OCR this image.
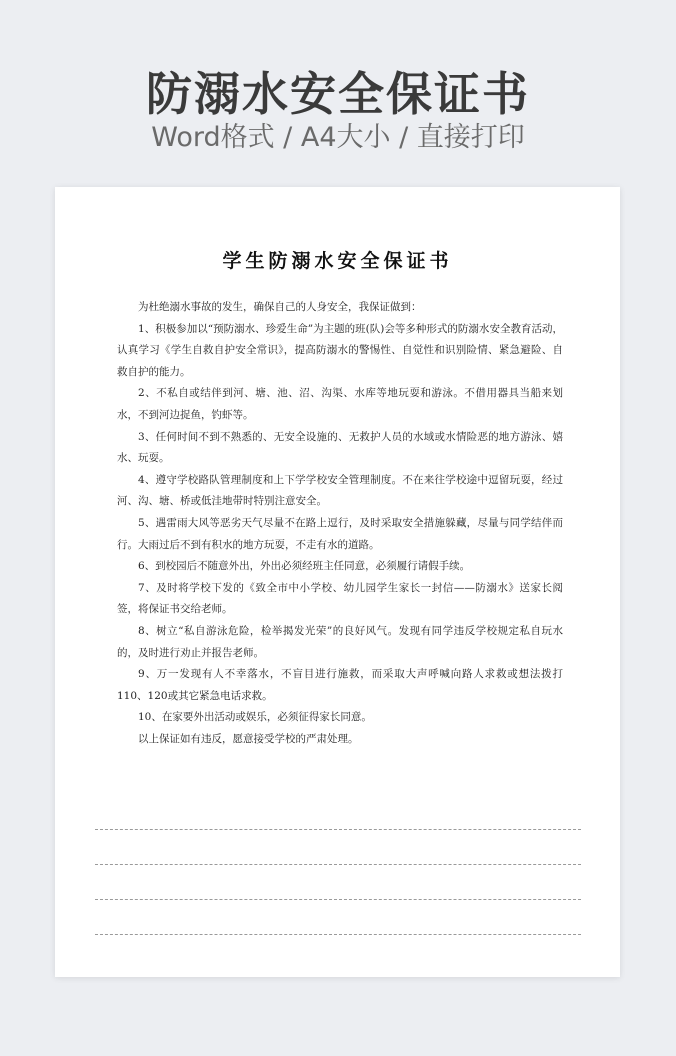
防溺水安全保证书
Word格式 / A4大小 / 直接打印
学生防溺水安全保证书

为杜绝溺水事故的发生，确保自己的人身安全，我保证做到：

1、积极参加以“预防溺水、珍爱生命”为主题的班(队)会等多种形式的防溺水安全教育活动，认真学习《学生自救自护安全常识》，提高防溺水的警惕性、自觉性和识别险情、紧急避险、自救自护的能力。

2、不私自或结伴到河、塘、池、沼、沟渠、水库等地玩耍和游泳。不借用器具当船来划水，不到河边捉鱼，钓虾等。

3、任何时间不到不熟悉的、无安全设施的、无救护人员的水域或水情险恶的地方游泳、嬉水、玩耍。

4、遵守学校路队管理制度和上下学学校安全管理制度。不在来往学校途中逗留玩耍，经过河、沟、塘、桥或低洼地带时特别注意安全。

5、遇雷雨大风等恶劣天气尽量不在路上逗行，及时采取安全措施躲藏，尽量与同学结伴而行。大雨过后不到有积水的地方玩耍，不走有水的道路。

6、到校园后不随意外出，外出必须经班主任同意，必须履行请假手续。

7、及时将学校下发的《致全市中小学校、幼儿园学生家长一封信——防溺水》送家长阅签，将保证书交给老师。

8、树立“私自游泳危险，检举揭发光荣”的良好风气。发现有同学违反学校规定私自玩水的，及时进行劝止并报告老师。

9、万一发现有人不幸落水，不盲目进行施救，而采取大声呼喊向路人求救或想法拨打110、120或其它紧急电话求救。

10、在家要外出活动或娱乐，必须征得家长同意。

以上保证如有违反，愿意接受学校的严肃处理。
